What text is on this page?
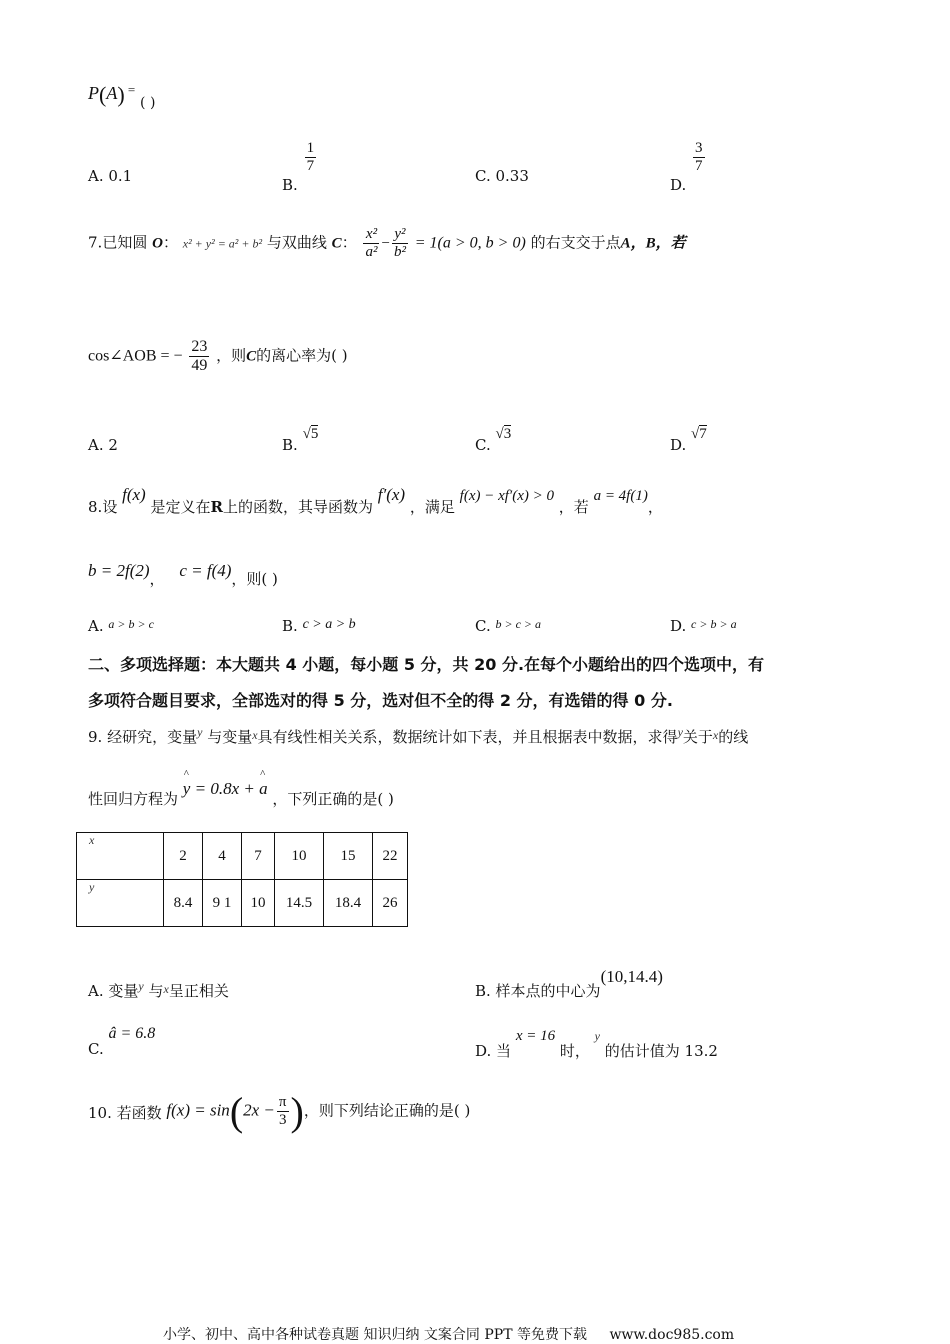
P(A) = ( )
A. 0.1	B.
$\frac{1}{7}$
C. 0.33	D.
$\frac{3}{7}$
7.已知圆 O： x² + y² = a² + b² 与双曲线 C： $\frac{\text{x²}}{\text{a²}} - \frac{\text{y²}}{\text{b²}} = 1(a > 0$, b > 0) 的右支交于点A，B，若
cos∠AOB = − $\frac{23}{49}$ ，则C的离心率为( )
A. 2	B. √5
C. √3
D. √7
8.设 f(x) 是定义在R上的函数，其导函数为 f′(x) ，满足 f(x) − xf′(x) > 0 ，若 a = 4f(1)，
b = 2f(2)， c = f(4)，则( )
A. $^{a > b > c}$	B. c > a > b	C. $^{b > c > a}$	D. $^{c > b > a}$
二、多项选择题：本大题共 4 小题，每小题 5 分，共 20 分.在每个小题给出的四个选项中，有
多项符合题目要求，全部选对的得 5 分，选对但不全的得 2 分，有选错的得 0 分.
9. 经研究，变量$^y$ 与变量$^x$具有线性相关关系，数据统计如下表，并且根据表中数据，求得$^y$关于$^x$的线
性回归方程为 ^ y = 0.8x + ^ a ，下列正确的是( )
x	2	4	7	10	15	22
y	8.4	9 1	10	14.5	18.4	26
A. 变量$^y$ 与$^x$呈正相关	B. 样本点的中心为(10,14.4)
C. â = 6.8
D. 当 x = 16 时， y 的估计值为 13.2
10. 若函数 $f(x) = \sin(2x - \frac{\pi}{3}$ )，则下列结论正确的是( )
小学、初中、高中各种试卷真题 知识归纳 文案合同 PPT 等免费下载 www.doc985.com
